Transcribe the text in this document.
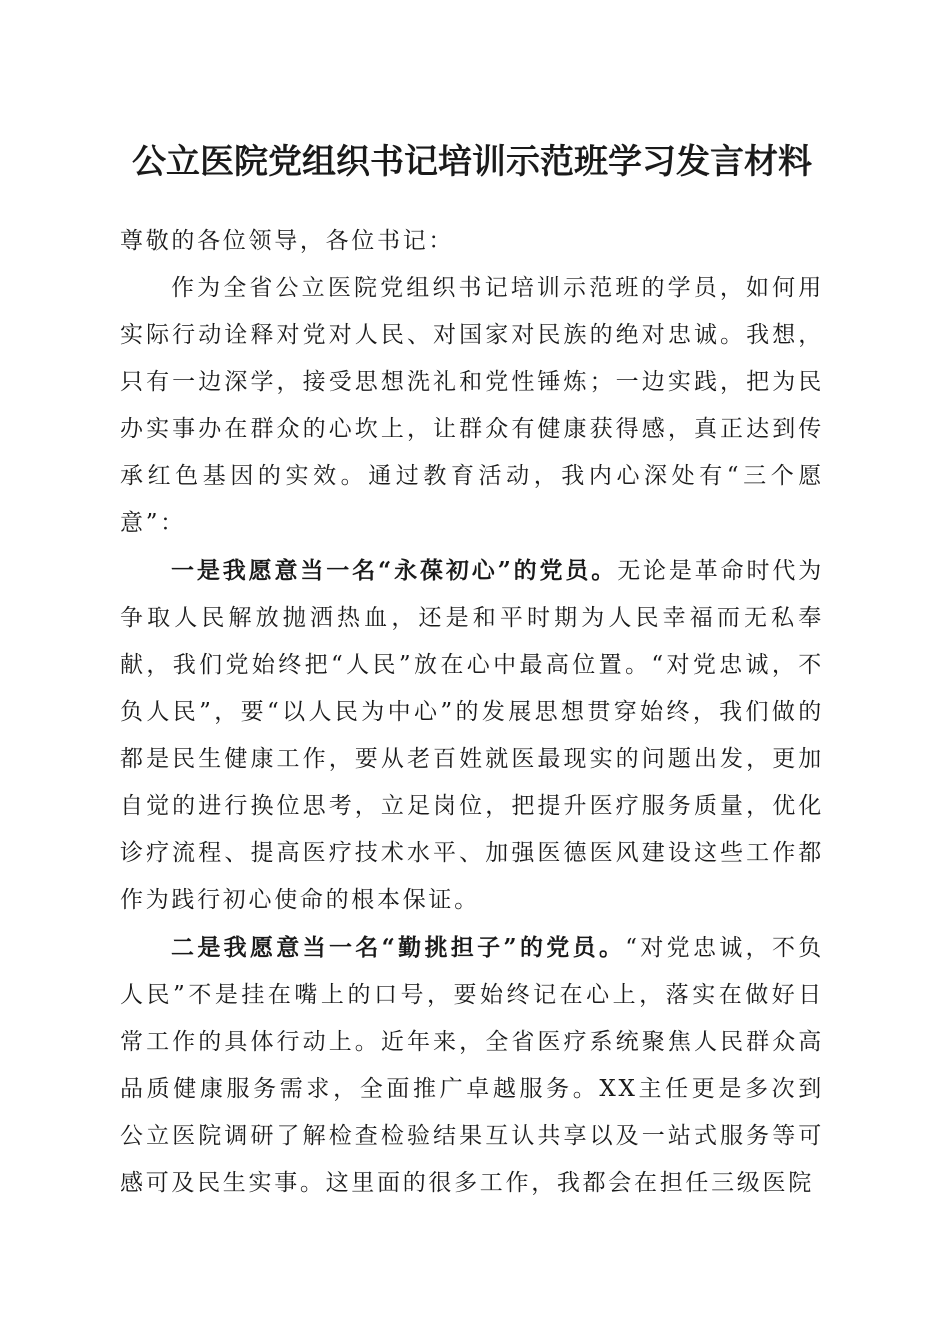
公立医院党组织书记培训示范班学习发言材料

尊敬的各位领导，各位书记：

作为全省公立医院党组织书记培训示范班的学员，如何用实际行动诠释对党对人民、对国家对民族的绝对忠诚。我想，只有一边深学，接受思想洗礼和党性锤炼；一边实践，把为民办实事办在群众的心坎上，让群众有健康获得感，真正达到传承红色基因的实效。通过教育活动，我内心深处有“三个愿意”：

一是我愿意当一名“永葆初心”的党员。无论是革命时代为争取人民解放抛洒热血，还是和平时期为人民幸福而无私奉献，我们党始终把“人民”放在心中最高位置。“对党忠诚，不负人民”，要“以人民为中心”的发展思想贯穿始终，我们做的都是民生健康工作，要从老百姓就医最现实的问题出发，更加自觉的进行换位思考，立足岗位，把提升医疗服务质量，优化诊疗流程、提高医疗技术水平、加强医德医风建设这些工作都作为践行初心使命的根本保证。

二是我愿意当一名“勤挑担子”的党员。“对党忠诚，不负人民”不是挂在嘴上的口号，要始终记在心上，落实在做好日常工作的具体行动上。近年来，全省医疗系统聚焦人民群众高品质健康服务需求，全面推广卓越服务。XX主任更是多次到公立医院调研了解检查检验结果互认共享以及一站式服务等可感可及民生实事。这里面的很多工作，我都会在担任三级医院
